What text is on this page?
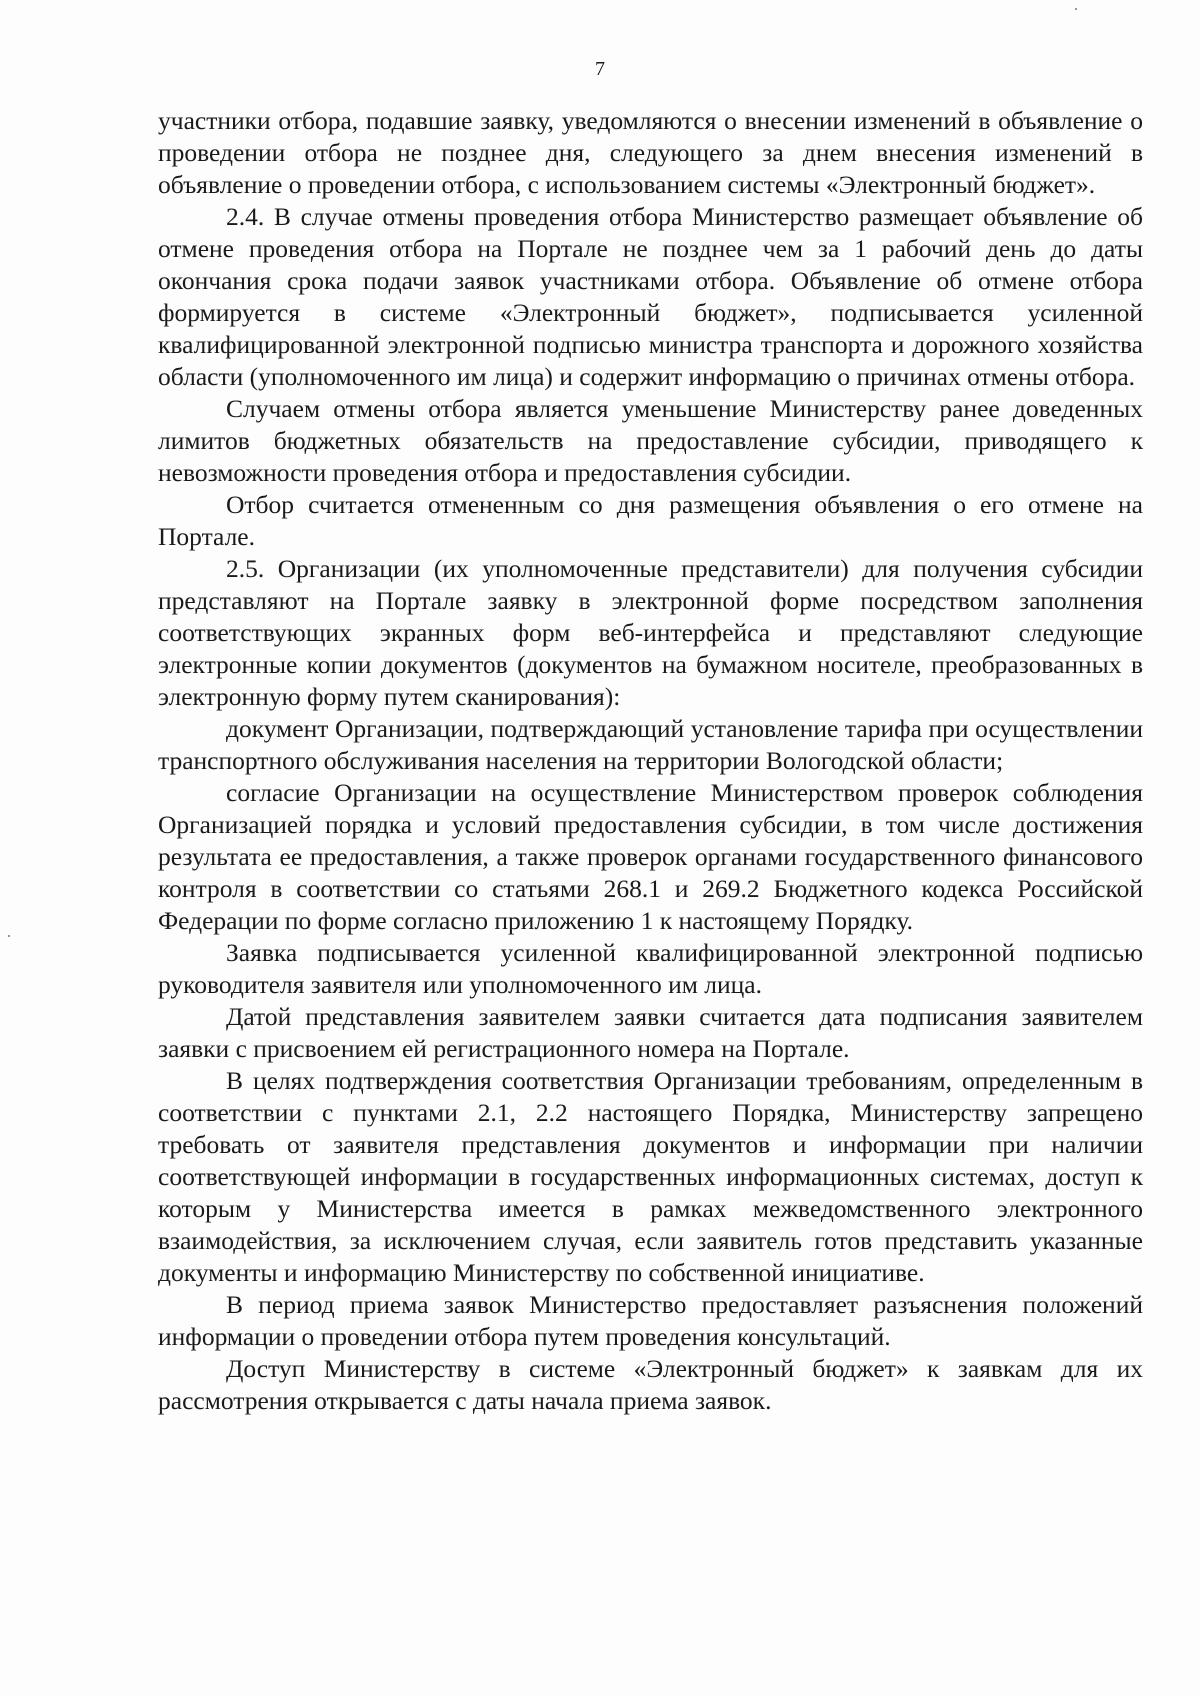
7

участники отбора, подавшие заявку, уведомляются о внесении изменений в объявление о проведении отбора не позднее дня, следующего за днем внесения изменений в объявление о проведении отбора, с использованием системы «Электронный бюджет».

2.4. В случае отмены проведения отбора Министерство размещает объявление об отмене проведения отбора на Портале не позднее чем за 1 рабочий день до даты окончания срока подачи заявок участниками отбора. Объявление об отмене отбора формируется в системе «Электронный бюджет», подписывается усиленной квалифицированной электронной подписью министра транспорта и дорожного хозяйства области (уполномоченного им лица) и содержит информацию о причинах отмены отбора.

Случаем отмены отбора является уменьшение Министерству ранее доведенных лимитов бюджетных обязательств на предоставление субсидии, приводящего к невозможности проведения отбора и предоставления субсидии.

Отбор считается отмененным со дня размещения объявления о его отмене на Портале.

2.5. Организации (их уполномоченные представители) для получения субсидии представляют на Портале заявку в электронной форме посредством заполнения соответствующих экранных форм веб-интерфейса и представляют следующие электронные копии документов (документов на бумажном носителе, преобразованных в электронную форму путем сканирования):

документ Организации, подтверждающий установление тарифа при осуществлении транспортного обслуживания населения на территории Вологодской области;

согласие Организации на осуществление Министерством проверок соблюдения Организацией порядка и условий предоставления субсидии, в том числе достижения результата ее предоставления, а также проверок органами государственного финансового контроля в соответствии со статьями 268.1 и 269.2 Бюджетного кодекса Российской Федерации по форме согласно приложению 1 к настоящему Порядку.

Заявка подписывается усиленной квалифицированной электронной подписью руководителя заявителя или уполномоченного им лица.

Датой представления заявителем заявки считается дата подписания заявителем заявки с присвоением ей регистрационного номера на Портале.

В целях подтверждения соответствия Организации требованиям, определенным в соответствии с пунктами 2.1, 2.2 настоящего Порядка, Министерству запрещено требовать от заявителя представления документов и информации при наличии соответствующей информации в государственных информационных системах, доступ к которым у Министерства имеется в рамках межведомственного электронного взаимодействия, за исключением случая, если заявитель готов представить указанные документы и информацию Министерству по собственной инициативе.

В период приема заявок Министерство предоставляет разъяснения положений информации о проведении отбора путем проведения консультаций.

Доступ Министерству в системе «Электронный бюджет» к заявкам для их рассмотрения открывается с даты начала приема заявок.
